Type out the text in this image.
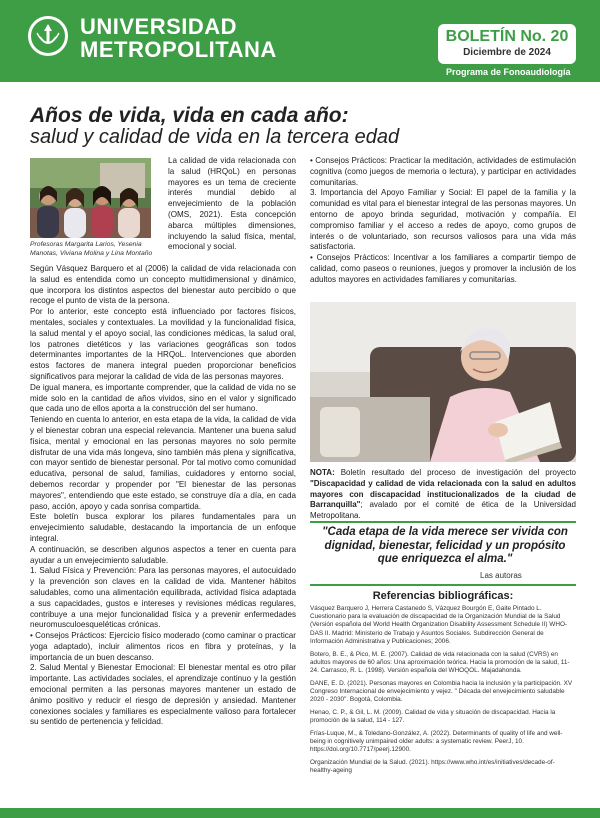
UNIVERSIDAD
METROPOLITANA
BOLETÍN No. 20
Diciembre de 2024
Programa de Fonoaudiología
Años de vida, vida en cada año:
salud y calidad de vida en la tercera edad
Profesoras Margarita Larios, Yesenia Manotas, Viviana Molina y Lina Montaño

La calidad de vida relacionada con la salud (HRQoL) en personas mayores es un tema de creciente interés mundial debido al envejecimiento de la población (OMS, 2021). Esta concepción abarca múltiples dimensiones, incluyendo la salud física, mental, emocional y social.

Según Vásquez Barquero et al (2006) la calidad de vida relacionada con la salud es entendida como un concepto multidimensional y dinámico, que incorpora los distintos aspectos del bienestar auto percibido o que recoge el punto de vista de la persona.

Por lo anterior, este concepto está influenciado por factores físicos, mentales, sociales y contextuales. La movilidad y la funcionalidad física, la salud mental y el apoyo social, las condiciones médicas, la salud oral, los patrones dietéticos y las variaciones geográficas son todos determinantes importantes de la HRQoL. Intervenciones que aborden estos factores de manera integral pueden proporcionar beneficios significativos para mejorar la calidad de vida de las personas mayores.

De igual manera, es importante comprender, que la calidad de vida no se mide solo en la cantidad de años vividos, sino en el valor y significado que cada uno de ellos aporta a la construcción del ser humano.

Teniendo en cuenta lo anterior, en esta etapa de la vida, la calidad de vida y el bienestar cobran una especial relevancia. Mantener una buena salud física, mental y emocional en las personas mayores no solo permite disfrutar de una vida más longeva, sino también más plena y significativa, con mayor sentido de bienestar personal. Por tal motivo como comunidad educativa, personal de salud, familias, cuidadores y entorno social, debemos recordar y propender por "El bienestar de las personas mayores", entendiendo que este estado, se construye día a día, en cada paso, acción, apoyo y cada sonrisa compartida.

Este boletín busca explorar los pilares fundamentales para un envejecimiento saludable, destacando la importancia de un enfoque integral.

A continuación, se describen algunos aspectos a tener en cuenta para ayudar a un envejecimiento saludable.

1. Salud Física y Prevención: Para las personas mayores, el autocuidado y la prevención son claves en la calidad de vida. Mantener hábitos saludables, como una alimentación equilibrada, actividad física adaptada a sus capacidades, gustos e intereses y revisiones médicas regulares, contribuye a una mejor funcionalidad física y a prevenir enfermedades neuromusculoesqueléticas crónicas.

• Consejos Prácticos: Ejercicio físico moderado (como caminar o practicar yoga adaptado), incluir alimentos ricos en fibra y proteínas, y la importancia de un buen descanso.

2. Salud Mental y Bienestar Emocional: El bienestar mental es otro pilar importante. Las actividades sociales, el aprendizaje continuo y la gestión emocional permiten a las personas mayores mantener un estado de ánimo positivo y reducir el riesgo de depresión y ansiedad. Mantener conexiones sociales y familiares es especialmente valioso para fortalecer su sentido de pertenencia y felicidad.

• Consejos Prácticos: Practicar la meditación, actividades de estimulación cognitiva (como juegos de memoria o lectura), y participar en actividades comunitarias.

3. Importancia del Apoyo Familiar y Social: El papel de la familia y la comunidad es vital para el bienestar integral de las personas mayores. Un entorno de apoyo brinda seguridad, motivación y compañía. El compromiso familiar y el acceso a redes de apoyo, como grupos de interés o de voluntariado, son recursos valiosos para una vida más satisfactoria.

• Consejos Prácticos: Incentivar a los familiares a compartir tiempo de calidad, como paseos o reuniones, juegos y promover la inclusión de los adultos mayores en actividades familiares y comunitarias.

NOTA: Boletín resultado del proceso de investigación del proyecto "Discapacidad y calidad de vida relacionada con la salud en adultos mayores con discapacidad institucionalizados de la ciudad de Barranquilla"; avalado por el comité de ética de la Universidad Metropolitana.
"Cada etapa de la vida merece ser vivida con dignidad, bienestar, felicidad y un propósito que enriquezca el alma."
Las autoras
Referencias bibliográficas:
Vásquez Barquero J, Herrera Castanedo S, Vázquez Bourgón E, Gaite Pintado L. Cuestionario para la evaluación de discapacidad de la Organización Mundial de la Salud (Versión española del World Health Organization Disability Assessment Schedule II) WHO-DAS II. Madrid: Ministerio de Trabajo y Asuntos Sociales. Subdirección General de Información Administrativa y Publicaciones; 2006.
Botero, B. E., & Pico, M. E. (2007). Calidad de vida relacionada con la salud (CVRS) en adultos mayores de 60 años: Una aproximación teórica. Hacia la promoción de la salud, 11- 24. Carrasco, R. L. (1998). Versión española del WHOQOL. Majadahonda.
DANE, E. D. (2021). Personas mayores en Colombia hacia la inclusión y la participación. XV Congreso Internacional de envejecimiento y vejez. " Década del envejecimiento saludable 2020 - 2030". Bogotá, Colombia.
Henao, C. P., & Gil, L. M. (2009). Calidad de vida y situación de discapacidad. Hacia la promoción de la salud, 114 - 127.
Frías-Luque, M., & Toledano-González, A. (2022). Determinants of quality of life and well-being in cognitively unimpaired older adults: a systematic review. PeerJ, 10. https://doi.org/10.7717/peerj.12900.
Organización Mundial de la Salud. (2021). https://www.who.int/es/initiatives/decade-of-healthy-ageing
